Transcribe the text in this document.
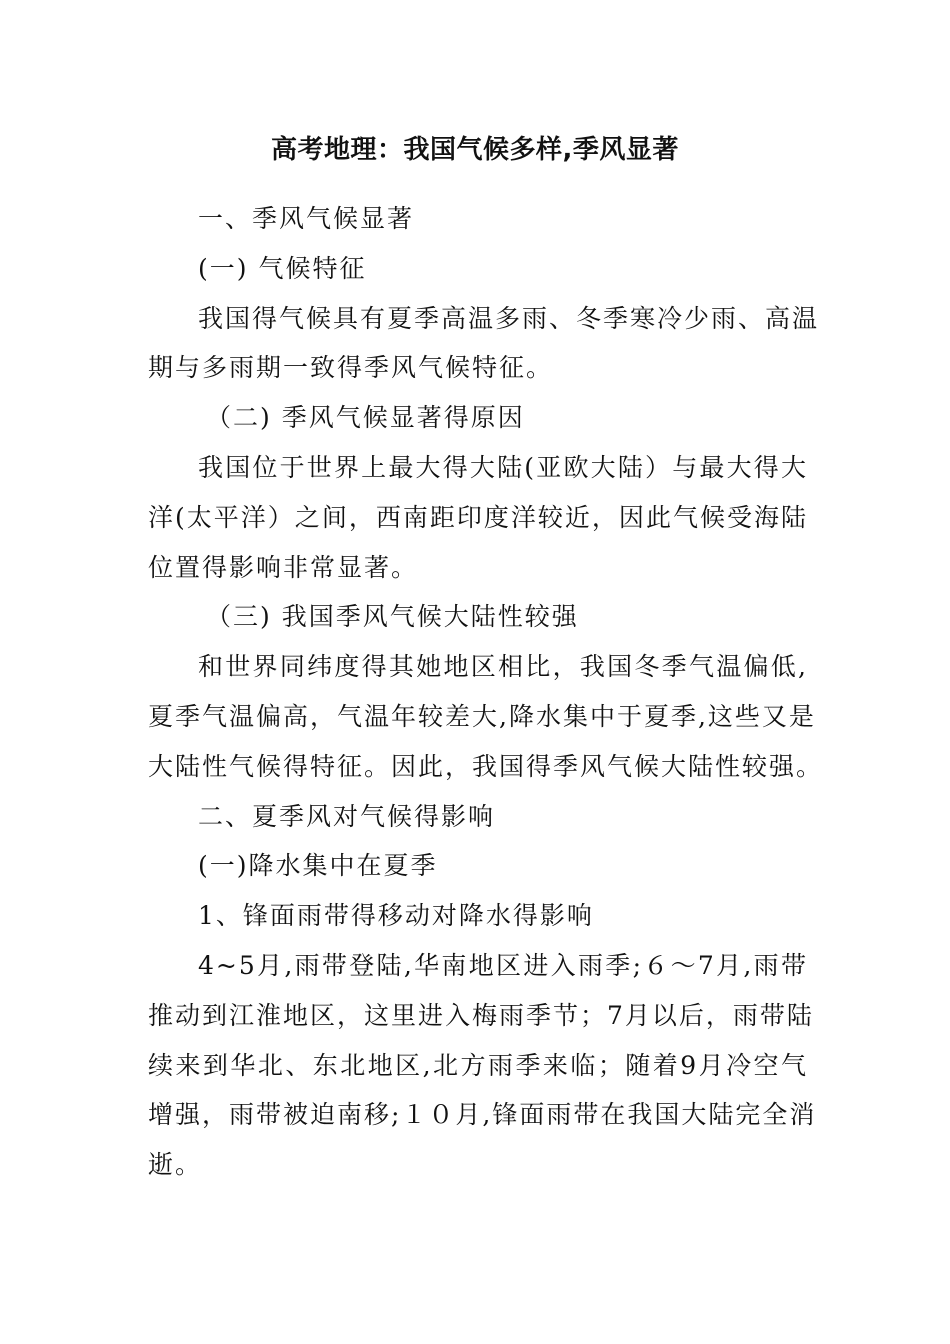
高考地理：我国气候多样,季风显著

一、季风气候显著

(一) 气候特征

我国得气候具有夏季高温多雨、冬季寒冷少雨、高温

期与多雨期一致得季风气候特征。

（二) 季风气候显著得原因

我国位于世界上最大得大陆(亚欧大陆）与最大得大

洋(太平洋）之间，西南距印度洋较近，因此气候受海陆

位置得影响非常显著。

（三) 我国季风气候大陆性较强

和世界同纬度得其她地区相比，我国冬季气温偏低,

夏季气温偏高，气温年较差大,降水集中于夏季,这些又是

大陆性气候得特征。因此，我国得季风气候大陆性较强。

二、夏季风对气候得影响

(一)降水集中在夏季

1、锋面雨带得移动对降水得影响

4~5月,雨带登陆,华南地区进入雨季;６～7月,雨带

推动到江淮地区，这里进入梅雨季节；7月以后，雨带陆

续来到华北、东北地区,北方雨季来临；随着9月冷空气

增强，雨带被迫南移;１０月,锋面雨带在我国大陆完全消

逝。
